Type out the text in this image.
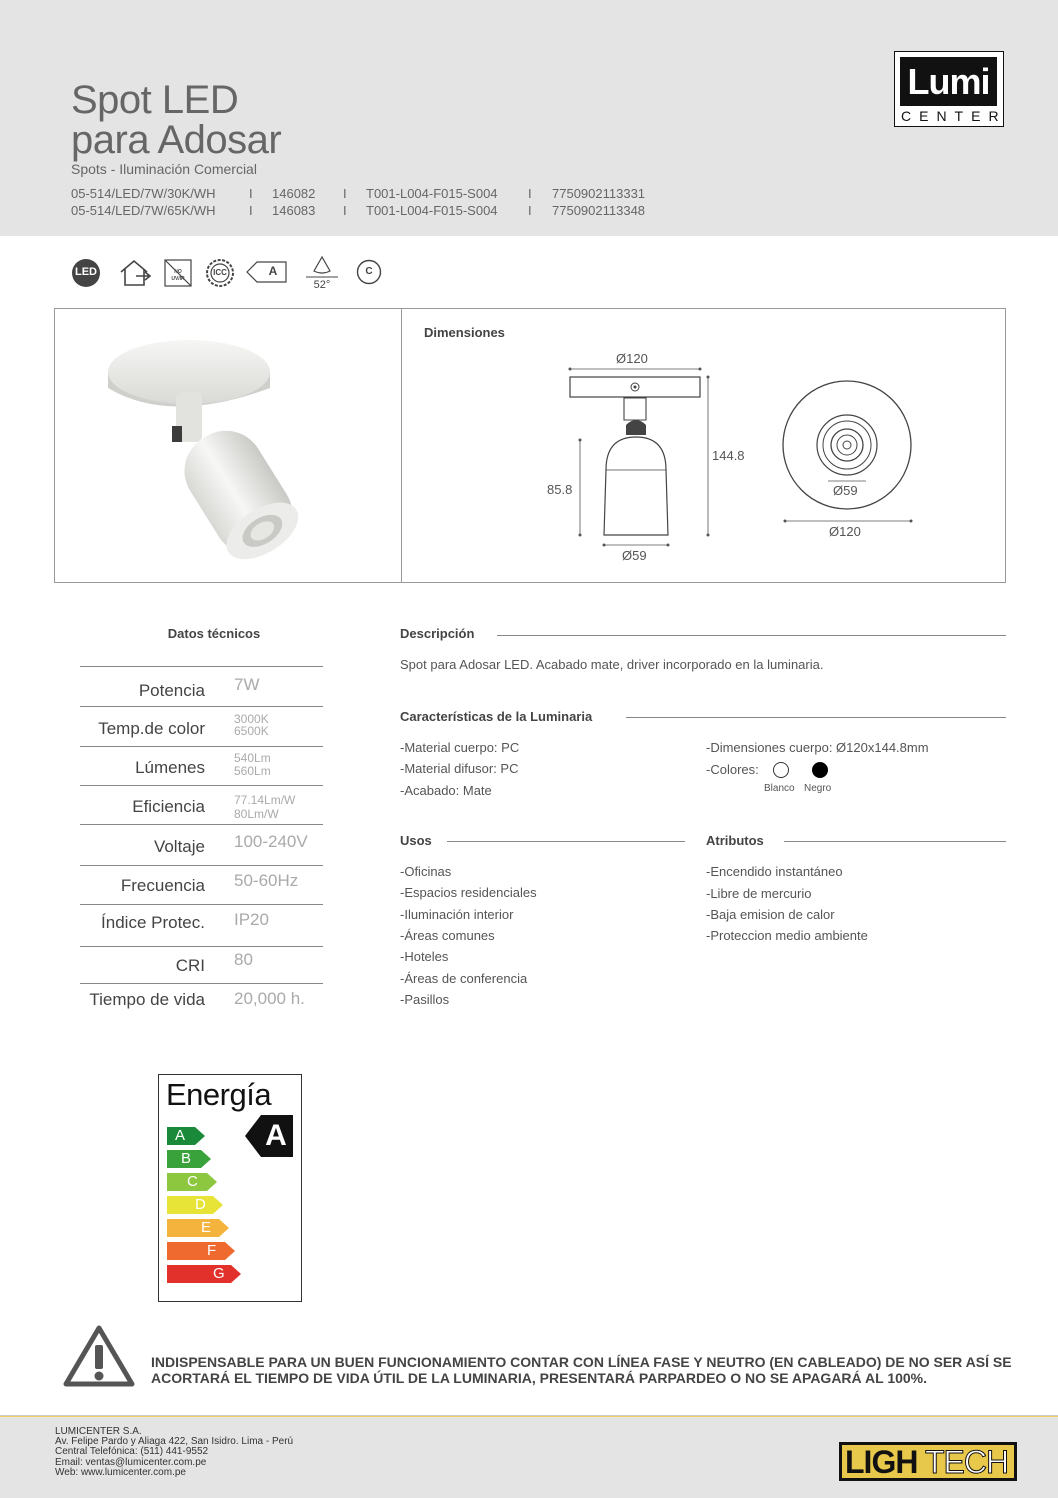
Spot LED
para Adosar
Spots - Iluminación Comercial
05-514/LED/7W/30K/WH	I 146082 I T001-L004-F015-S004 I 7750902113331
05-514/LED/7W/65K/WH	I 146083 I T001-L004-F015-S004 I 7750902113348
Lumi
CENTER
LED	NO
UV/IR
ICC	A
52°
C
Dimensiones
Ø120
144.8
85.8
Ø59
Ø59
Ø120
Datos técnicos
Potencia 7W
Temp.de color 3000K
6500K
Lúmenes 540Lm
560Lm
Eficiencia 77.14Lm/W
80Lm/W
Voltaje 100-240V
Frecuencia 50-60Hz
Índice Protec. IP20
CRI 80
Tiempo de vida 20,000 h.
Descripción
Spot para Adosar LED. Acabado mate, driver incorporado en la luminaria.
Características de la Luminaria
-Material cuerpo: PC
-Material difusor: PC
-Acabado: Mate
-Dimensiones cuerpo: Ø120x144.8mm
-Colores:
Blanco Negro
Usos
-Oficinas
-Espacios residenciales
-Iluminación interior
-Áreas comunes
-Hoteles
-Áreas de conferencia
-Pasillos
Atributos
-Encendido instantáneo
-Libre de mercurio
-Baja emision de calor
-Proteccion medio ambiente
Energía
A
A
B
C
D
E
F
G
INDISPENSABLE PARA UN BUEN FUNCIONAMIENTO CONTAR CON LÍNEA FASE Y NEUTRO (EN CABLEADO) DE NO SER ASÍ SE
ACORTARÁ EL TIEMPO DE VIDA ÚTIL DE LA LUMINARIA, PRESENTARÁ PARPARDEO O NO SE APAGARÁ AL 100%.
LUMICENTER S.A.
Av. Felipe Pardo y Aliaga 422, San Isidro. Lima - Perú
Central Telefónica: (511) 441-9552
Email: ventas@lumicenter.com.pe
Web: www.lumicenter.com.pe	LIGH TECH
